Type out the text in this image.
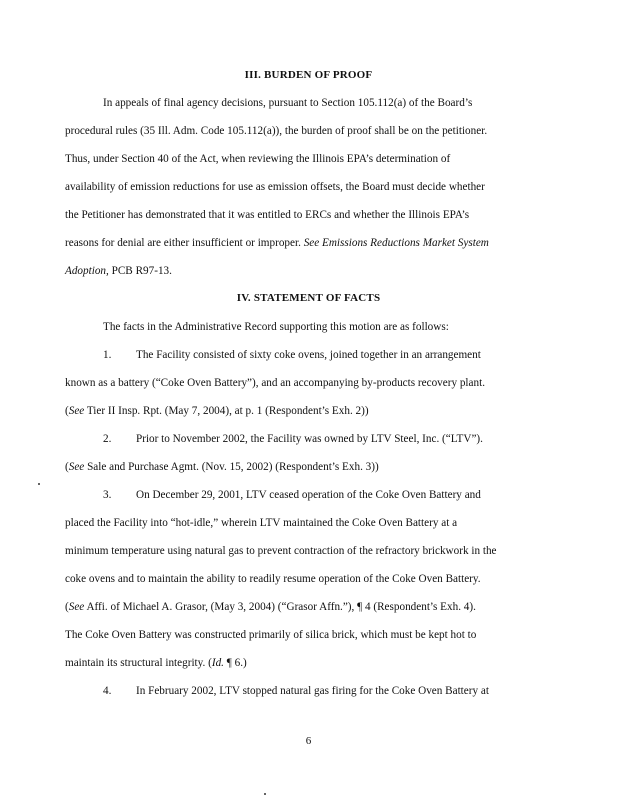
III. BURDEN OF PROOF
In appeals of final agency decisions, pursuant to Section 105.112(a) of the Board’s
procedural rules (35 Ill. Adm. Code 105.112(a)), the burden of proof shall be on the petitioner.
Thus, under Section 40 of the Act, when reviewing the Illinois EPA’s determination of
availability of emission reductions for use as emission offsets, the Board must decide whether
the Petitioner has demonstrated that it was entitled to ERCs and whether the Illinois EPA’s
reasons for denial are either insufficient or improper. See Emissions Reductions Market System
Adoption, PCB R97-13.
IV. STATEMENT OF FACTS
The facts in the Administrative Record supporting this motion are as follows:
1. The Facility consisted of sixty coke ovens, joined together in an arrangement
known as a battery (“Coke Oven Battery”), and an accompanying by-products recovery plant.
(See Tier II Insp. Rpt. (May 7, 2004), at p. 1 (Respondent’s Exh. 2))
2. Prior to November 2002, the Facility was owned by LTV Steel, Inc. (“LTV”).
(See Sale and Purchase Agmt. (Nov. 15, 2002) (Respondent’s Exh. 3))
3. On December 29, 2001, LTV ceased operation of the Coke Oven Battery and
placed the Facility into “hot-idle,” wherein LTV maintained the Coke Oven Battery at a
minimum temperature using natural gas to prevent contraction of the refractory brickwork in the
coke ovens and to maintain the ability to readily resume operation of the Coke Oven Battery.
(See Affi. of Michael A. Grasor, (May 3, 2004) (“Grasor Affn.”), ¶ 4 (Respondent’s Exh. 4).
The Coke Oven Battery was constructed primarily of silica brick, which must be kept hot to
maintain its structural integrity. (Id. ¶ 6.)
4. In February 2002, LTV stopped natural gas firing for the Coke Oven Battery at
6
